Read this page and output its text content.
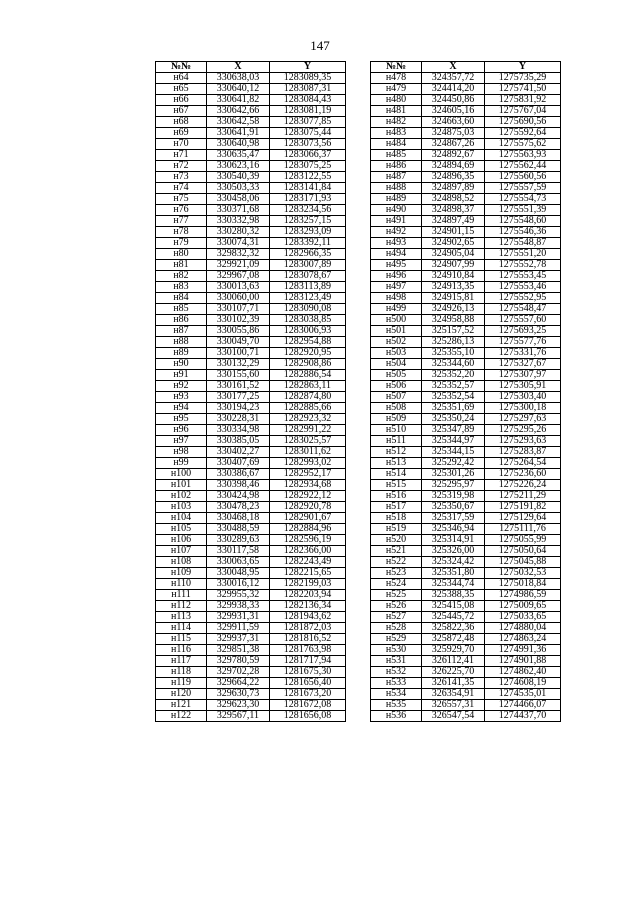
147
№№	X	Y
н64	330638,03	1283089,35
н65	330640,12	1283087,31
н66	330641,82	1283084,43
н67	330642,66	1283081,19
н68	330642,58	1283077,85
н69	330641,91	1283075,44
н70	330640,98	1283073,56
н71	330635,47	1283066,37
н72	330623,16	1283075,25
н73	330540,39	1283122,55
н74	330503,33	1283141,84
н75	330458,06	1283171,93
н76	330371,68	1283234,56
н77	330332,98	1283257,15
н78	330280,32	1283293,09
н79	330074,31	1283392,11
н80	329832,32	1282966,35
н81	329921,09	1283007,89
н82	329967,08	1283078,67
н83	330013,63	1283113,89
н84	330060,00	1283123,49
н85	330107,71	1283090,08
н86	330102,39	1283038,85
н87	330055,86	1283006,93
н88	330049,70	1282954,88
н89	330100,71	1282920,95
н90	330132,29	1282908,86
н91	330155,60	1282886,54
н92	330161,52	1282863,11
н93	330177,25	1282874,80
н94	330194,23	1282885,66
н95	330228,31	1282923,32
н96	330334,98	1282991,22
н97	330385,05	1283025,57
н98	330402,27	1283011,62
н99	330407,69	1282993,02
н100	330386,67	1282952,17
н101	330398,46	1282934,68
н102	330424,98	1282922,12
н103	330478,23	1282920,78
н104	330468,18	1282901,67
н105	330488,59	1282884,96
н106	330289,63	1282596,19
н107	330117,58	1282366,00
н108	330063,65	1282243,49
н109	330048,95	1282215,65
н110	330016,12	1282199,03
н111	329955,32	1282203,94
н112	329938,33	1282136,34
н113	329931,31	1281943,62
н114	329911,59	1281872,03
н115	329937,31	1281816,52
н116	329851,38	1281763,98
н117	329780,59	1281717,94
н118	329702,28	1281675,30
н119	329664,22	1281656,40
н120	329630,73	1281673,20
н121	329623,30	1281672,08
н122	329567,11	1281656,08
№№	X	Y
н478	324357,72	1275735,29
н479	324414,20	1275741,50
н480	324450,86	1275831,92
н481	324605,16	1275767,04
н482	324663,60	1275690,56
н483	324875,03	1275592,64
н484	324867,26	1275575,62
н485	324892,67	1275563,93
н486	324894,69	1275562,44
н487	324896,35	1275560,56
н488	324897,89	1275557,59
н489	324898,52	1275554,73
н490	324898,37	1275551,39
н491	324897,49	1275548,60
н492	324901,15	1275546,36
н493	324902,65	1275548,87
н494	324905,04	1275551,20
н495	324907,99	1275552,78
н496	324910,84	1275553,45
н497	324913,35	1275553,46
н498	324915,81	1275552,95
н499	324926,13	1275548,47
н500	324958,88	1275557,60
н501	325157,52	1275693,25
н502	325286,13	1275577,76
н503	325355,10	1275331,76
н504	325344,60	1275327,67
н505	325352,20	1275307,97
н506	325352,57	1275305,91
н507	325352,54	1275303,40
н508	325351,69	1275300,18
н509	325350,24	1275297,63
н510	325347,89	1275295,26
н511	325344,97	1275293,63
н512	325344,15	1275283,87
н513	325292,42	1275264,54
н514	325301,26	1275236,60
н515	325295,97	1275226,24
н516	325319,98	1275211,29
н517	325350,67	1275191,82
н518	325317,59	1275129,64
н519	325346,94	1275111,76
н520	325314,91	1275055,99
н521	325326,00	1275050,64
н522	325324,42	1275045,88
н523	325351,80	1275032,53
н524	325344,74	1275018,84
н525	325388,35	1274986,59
н526	325415,08	1275009,65
н527	325445,72	1275033,65
н528	325822,36	1274880,04
н529	325872,48	1274863,24
н530	325929,70	1274991,36
н531	326112,41	1274901,88
н532	326225,70	1274862,40
н533	326141,35	1274608,19
н534	326354,91	1274535,01
н535	326557,31	1274466,07
н536	326547,54	1274437,70
